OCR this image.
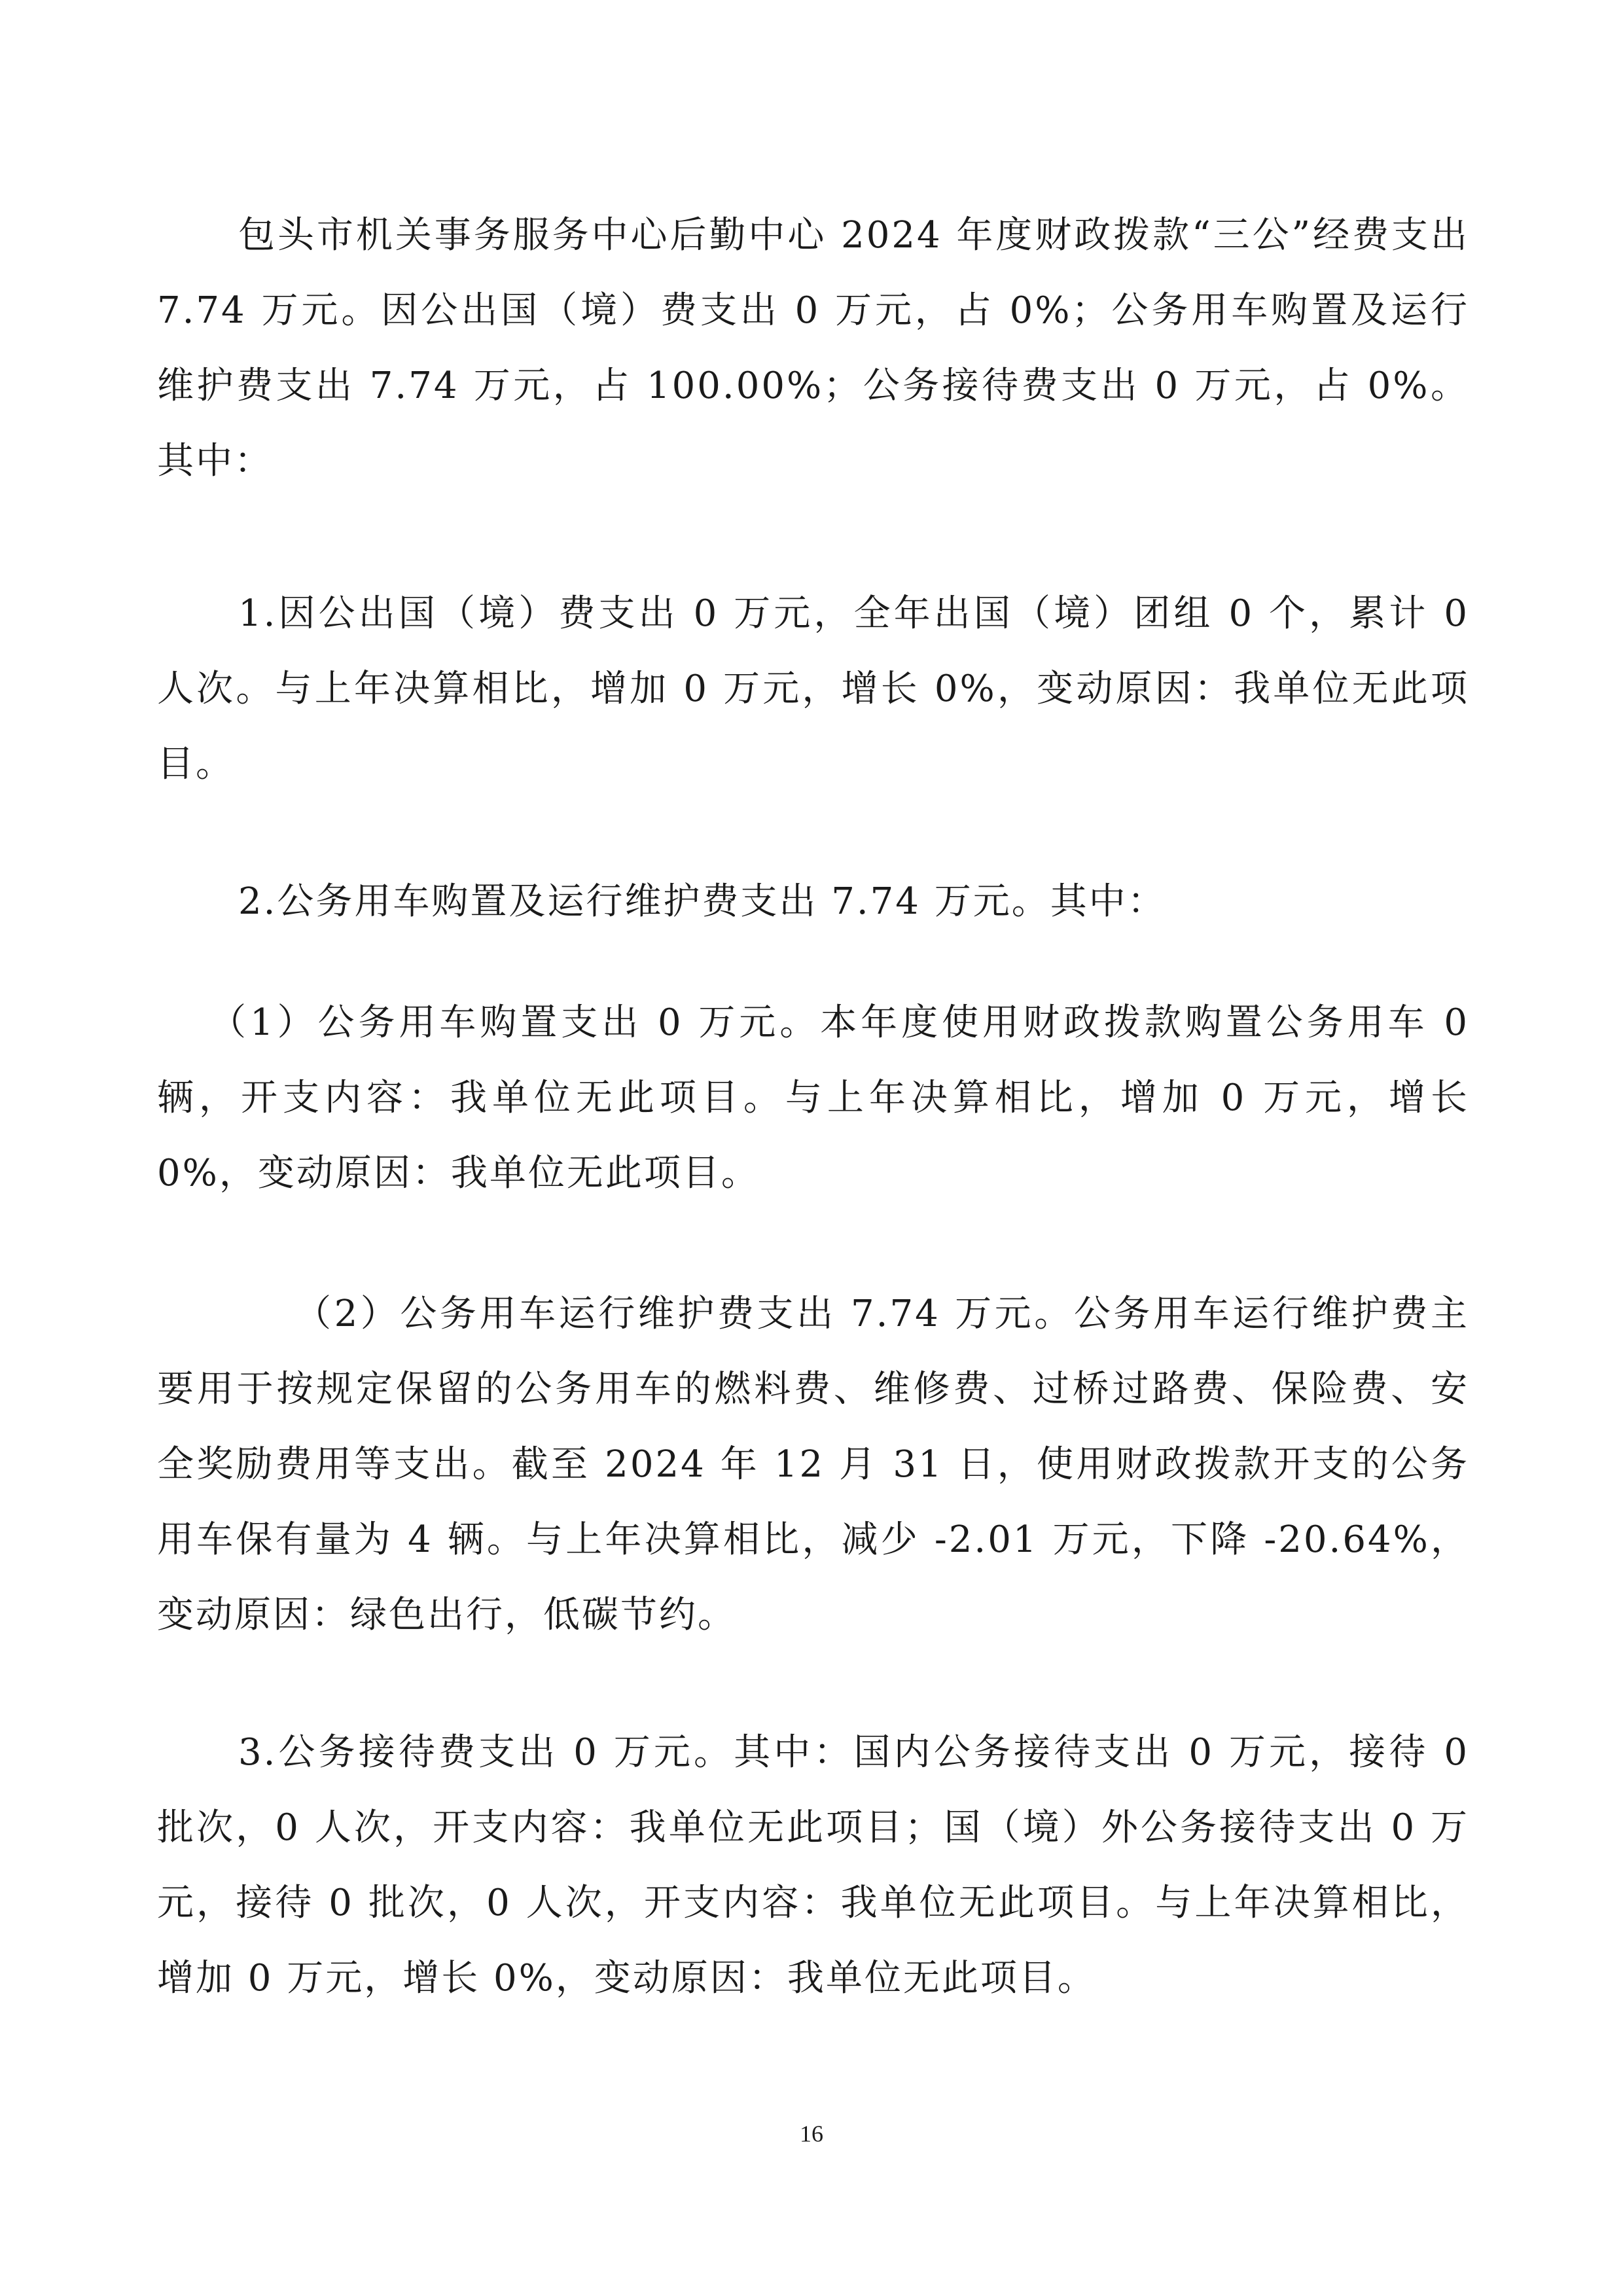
包头市机关事务服务中心后勤中心 2024 年度财政拨款“三公”经费支出 7.74 万元。因公出国（境）费支出 0 万元，占 0%；公务用车购置及运行维护费支出 7.74 万元，占 100.00%；公务接待费支出 0 万元，占 0%。其中：

1.因公出国（境）费支出 0 万元，全年出国（境）团组 0 个，累计 0 人次。与上年决算相比，增加 0 万元，增长 0%，变动原因：我单位无此项目。

2.公务用车购置及运行维护费支出 7.74 万元。其中：

（1）公务用车购置支出 0 万元。本年度使用财政拨款购置公务用车 0 辆，开支内容：我单位无此项目。与上年决算相比，增加 0 万元，增长 0%，变动原因：我单位无此项目。

（2）公务用车运行维护费支出 7.74 万元。公务用车运行维护费主要用于按规定保留的公务用车的燃料费、维修费、过桥过路费、保险费、安全奖励费用等支出。截至 2024 年 12 月 31 日，使用财政拨款开支的公务用车保有量为 4 辆。与上年决算相比，减少 -2.01 万元，下降 -20.64%，变动原因：绿色出行，低碳节约。

3.公务接待费支出 0 万元。其中：国内公务接待支出 0 万元，接待 0 批次，0 人次，开支内容：我单位无此项目；国（境）外公务接待支出 0 万元，接待 0 批次，0 人次，开支内容：我单位无此项目。与上年决算相比，增加 0 万元，增长 0%，变动原因：我单位无此项目。

16
